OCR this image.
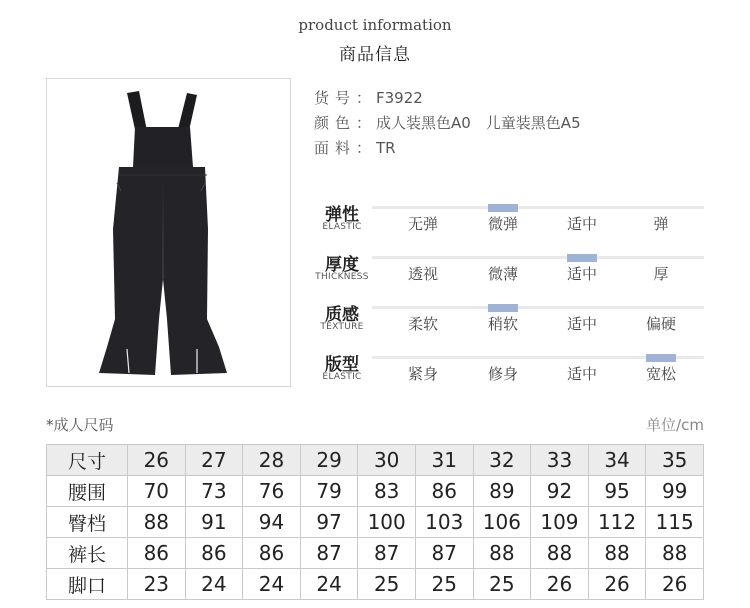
product information
商品信息
货号：F3922
颜色：成人装黑色A0　儿童装黑色A5
面料：TR
弹性
ELASTIC	无弹	微弹	适中	弹
厚度
THICKNESS	透视	微薄	适中	厚
质感
TEXTURE	柔软	稍软	适中	偏硬
版型
ELASTIC	紧身	修身	适中	宽松
*成人尺码	单位/cm
尺寸	26	27	28	29	30	31	32	33	34	35
腰围	70	73	76	79	83	86	89	92	95	99
臀档	88	91	94	97	100	103	106	109	112	115
裤长	86	86	86	87	87	87	88	88	88	88
脚口	23	24	24	24	25	25	25	26	26	26
